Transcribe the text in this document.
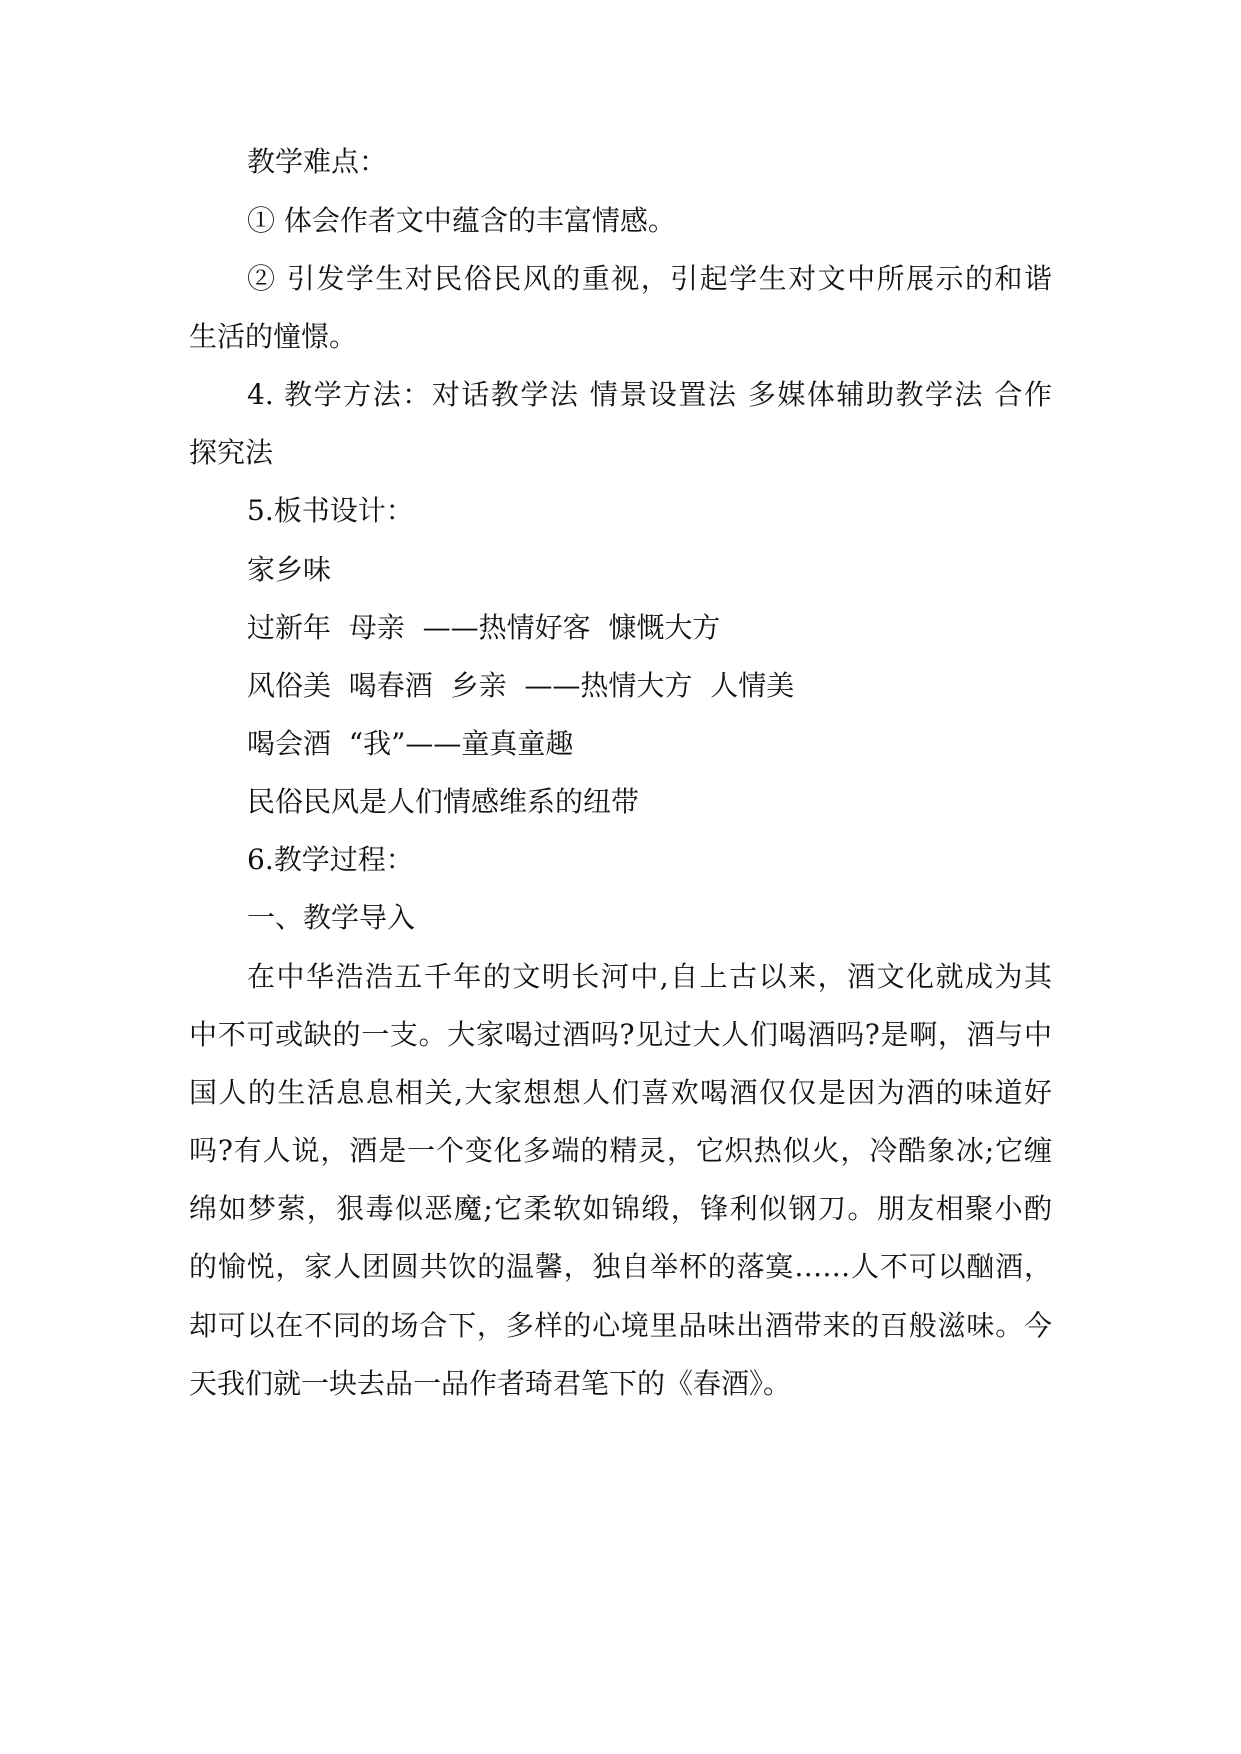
教学难点：
① 体会作者文中蕴含的丰富情感。
② 引发学生对民俗民风的重视，引起学生对文中所展示的和谐
生活的憧憬。
4. 教学方法：对话教学法 情景设置法 多媒体辅助教学法 合作
探究法
5.板书设计：
家乡味
过新年  母亲  ——热情好客  慷慨大方
风俗美  喝春酒  乡亲  ——热情大方  人情美
喝会酒  “我”——童真童趣
民俗民风是人们情感维系的纽带
6.教学过程：
一、教学导入
在中华浩浩五千年的文明长河中,自上古以来，酒文化就成为其
中不可或缺的一支。大家喝过酒吗?见过大人们喝酒吗?是啊，酒与中
国人的生活息息相关,大家想想人们喜欢喝酒仅仅是因为酒的味道好
吗?有人说，酒是一个变化多端的精灵，它炽热似火，冷酷象冰;它缠
绵如梦萦，狠毒似恶魔;它柔软如锦缎，锋利似钢刀。朋友相聚小酌
的愉悦，家人团圆共饮的温馨，独自举杯的落寞……人不可以酗酒，
却可以在不同的场合下，多样的心境里品味出酒带来的百般滋味。今
天我们就一块去品一品作者琦君笔下的《春酒》。
